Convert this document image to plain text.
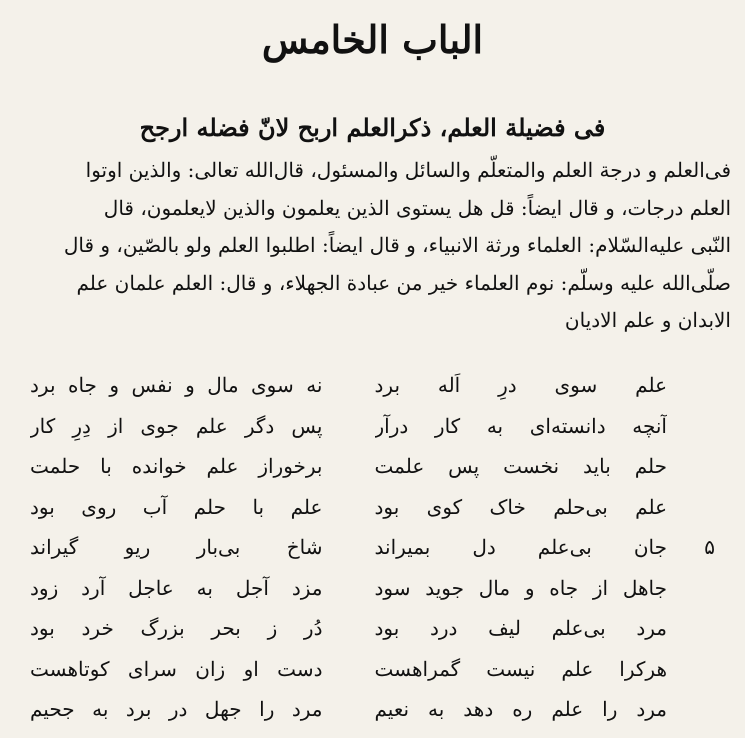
الباب الخامس
فی فضیلة العلم، ذکرالعلم اربح لانّ فضله ارجح
فی‌العلم و درجة العلم والمتعلّم والسائل والمسئول، قال‌الله تعالی: والذین اوتوا
العلم درجات، و قال ایضاً: قل هل یستوی الذین یعلمون والذین لایعلمون، قال
النّبی علیه‌السّلام: العلماء ورثة الانبیاء، و قال ایضاً: اطلبوا العلم ولو بالصّین، و قال
صلّی‌الله علیه وسلّم: نوم العلماء خیر من عبادة الجهلاء، و قال: العلم علمان علم
الابدان و علم الادیان
علم سوی درِ اَله برد
نه سوی مال و نفس و جاه برد
آنچه دانسته‌ای به کار درآر
پس دگر علم جوی از دِرِ کار
حلم باید نخست پس علمت
برخوراز علم خوانده با حلمت
علم بی‌حلم خاک کوی بود
علم با حلم آب روی بود
۵
جان بی‌علم دل بمیراند
شاخ بی‌بار ریو گیراند
جاهل از جاه و مال جوید سود
مزد آجل به عاجل آرد زود
مرد بی‌علم لیف درد بود
دُر ز بحر بزرگ خرد بود
هرکرا علم نیست گمراهست
دست او زان سرای کوتاهست
مرد را علم ره دهد به نعیم
مرد را جهل در برد به جحیم
